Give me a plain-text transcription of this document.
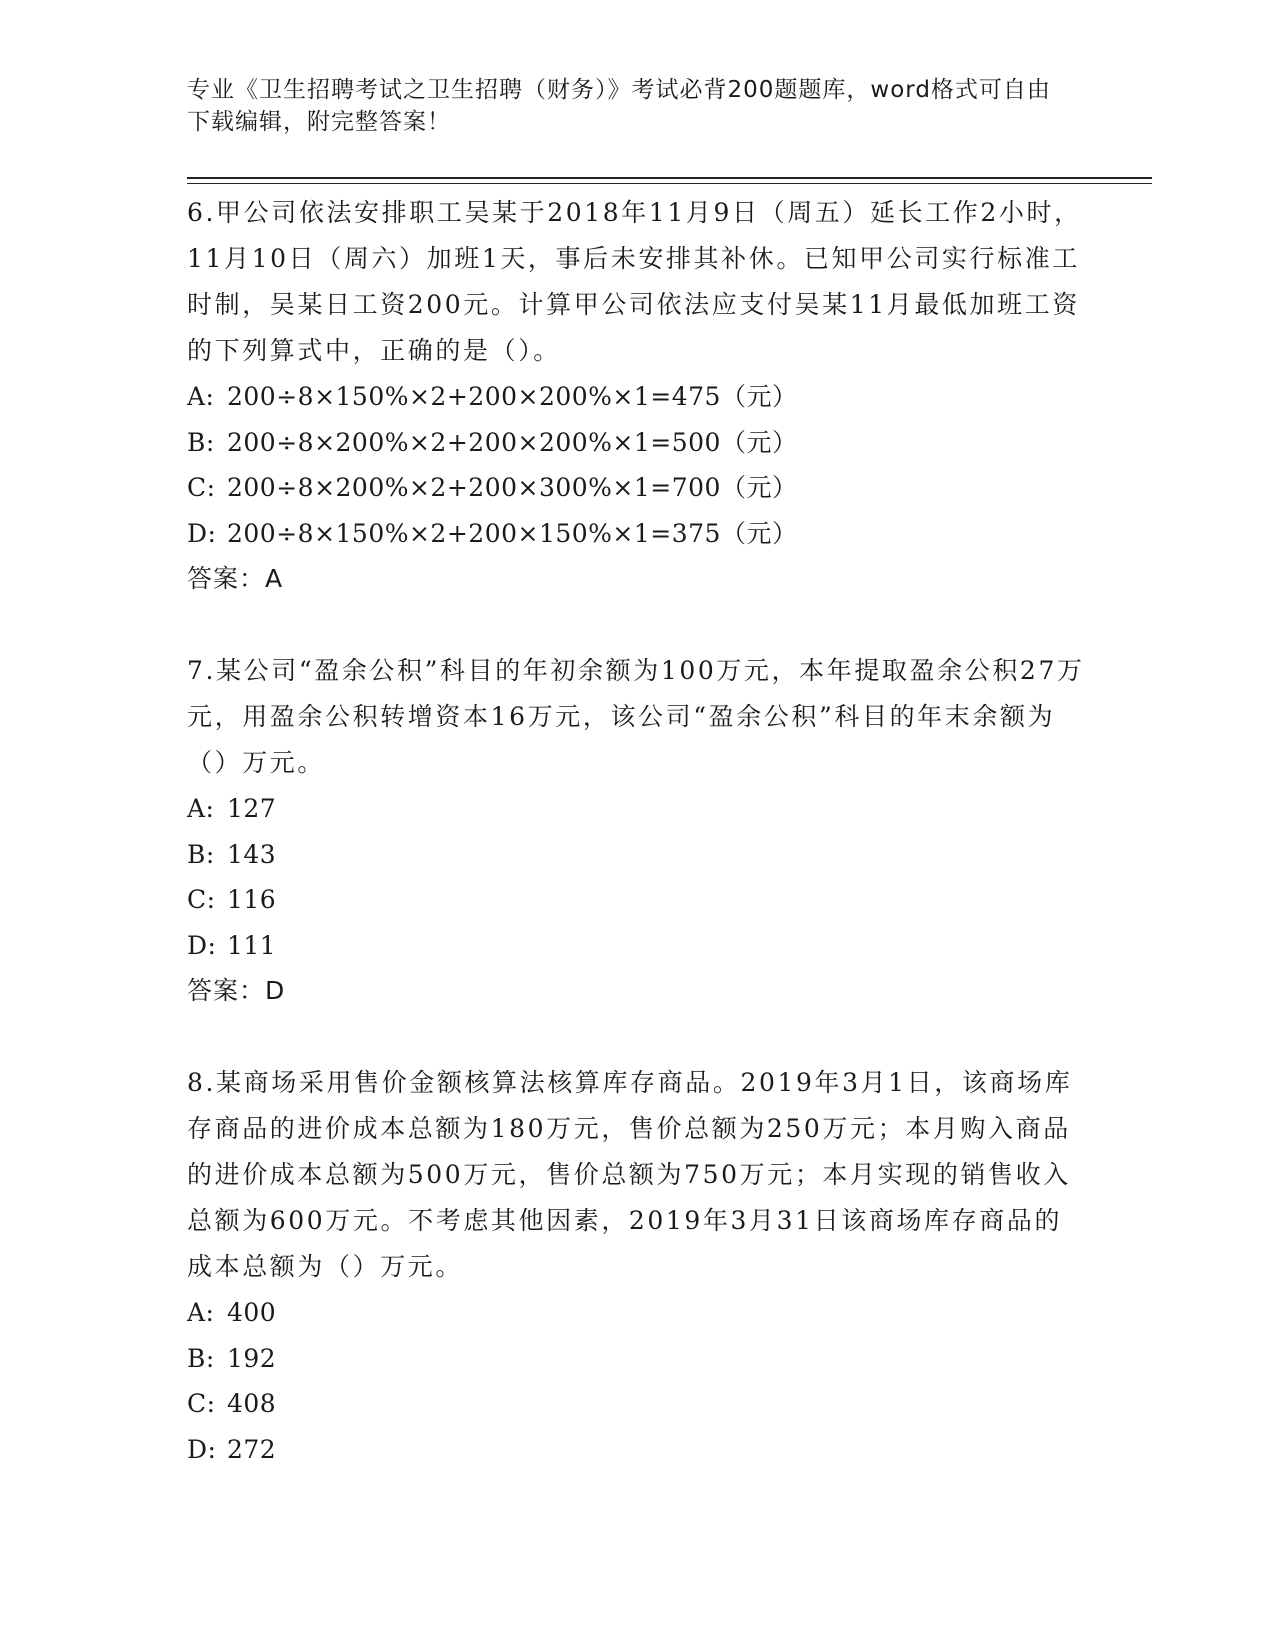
专业《卫生招聘考试之卫生招聘（财务）》考试必背200题题库，word格式可自由下载编辑，附完整答案！

6.甲公司依法安排职工吴某于2018年11月9日（周五）延长工作2小时，11月10日（周六）加班1天，事后未安排其补休。已知甲公司实行标准工时制，吴某日工资200元。计算甲公司依法应支付吴某11月最低加班工资的下列算式中，正确的是（）。

A: 200÷8×150%×2+200×200%×1=475（元）

B: 200÷8×200%×2+200×200%×1=500（元）

C: 200÷8×200%×2+200×300%×1=700（元）

D: 200÷8×150%×2+200×150%×1=375（元）

答案：A

7.某公司“盈余公积”科目的年初余额为100万元，本年提取盈余公积27万元，用盈余公积转增资本16万元，该公司“盈余公积”科目的年末余额为（）万元。

A: 127

B: 143

C: 116

D: 111

答案：D

8.某商场采用售价金额核算法核算库存商品。2019年3月1日，该商场库存商品的进价成本总额为180万元，售价总额为250万元；本月购入商品的进价成本总额为500万元，售价总额为750万元；本月实现的销售收入总额为600万元。不考虑其他因素，2019年3月31日该商场库存商品的成本总额为（）万元。

A: 400

B: 192

C: 408

D: 272
